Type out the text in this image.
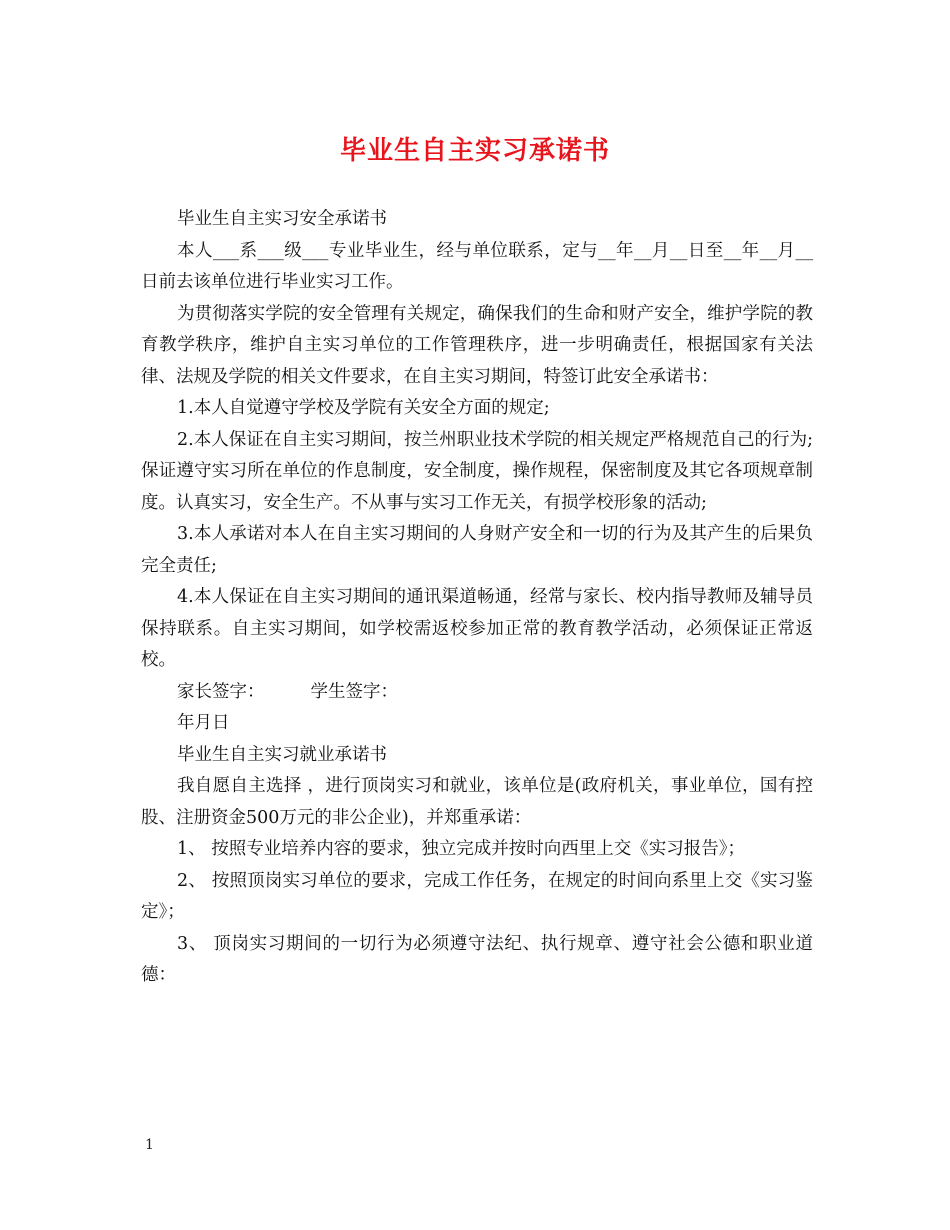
毕业生自主实习承诺书

毕业生自主实习安全承诺书

本人___系___级___专业毕业生，经与单位联系，定与__年__月__日至__年__月__日前去该单位进行毕业实习工作。

为贯彻落实学院的安全管理有关规定，确保我们的生命和财产安全，维护学院的教育教学秩序，维护自主实习单位的工作管理秩序，进一步明确责任，根据国家有关法律、法规及学院的相关文件要求，在自主实习期间，特签订此安全承诺书：

1.本人自觉遵守学校及学院有关安全方面的规定;

2.本人保证在自主实习期间，按兰州职业技术学院的相关规定严格规范自己的行为;保证遵守实习所在单位的作息制度，安全制度，操作规程，保密制度及其它各项规章制度。认真实习，安全生产。不从事与实习工作无关，有损学校形象的活动;

3.本人承诺对本人在自主实习期间的人身财产安全和一切的行为及其产生的后果负完全责任;

4.本人保证在自主实习期间的通讯渠道畅通，经常与家长、校内指导教师及辅导员保持联系。自主实习期间，如学校需返校参加正常的教育教学活动，必须保证正常返校。

家长签字：	学生签字：

年月日

毕业生自主实习就业承诺书

我自愿自主选择 ，进行顶岗实习和就业，该单位是(政府机关，事业单位，国有控股、注册资金500万元的非公企业)，并郑重承诺：

1、 按照专业培养内容的要求，独立完成并按时向西里上交《实习报告》；

2、 按照顶岗实习单位的要求，完成工作任务，在规定的时间向系里上交《实习鉴定》；

3、 顶岗实习期间的一切行为必须遵守法纪、执行规章、遵守社会公德和职业道德：

1
